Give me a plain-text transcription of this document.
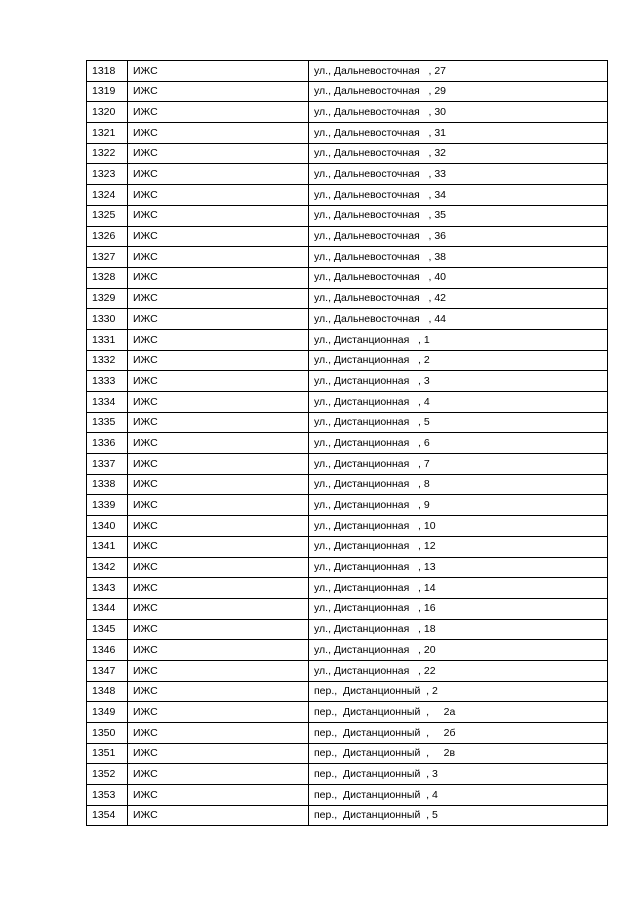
1318	ИЖС	ул., Дальневосточная   , 27
1319	ИЖС	ул., Дальневосточная   , 29
1320	ИЖС	ул., Дальневосточная   , 30
1321	ИЖС	ул., Дальневосточная   , 31
1322	ИЖС	ул., Дальневосточная   , 32
1323	ИЖС	ул., Дальневосточная   , 33
1324	ИЖС	ул., Дальневосточная   , 34
1325	ИЖС	ул., Дальневосточная   , 35
1326	ИЖС	ул., Дальневосточная   , 36
1327	ИЖС	ул., Дальневосточная   , 38
1328	ИЖС	ул., Дальневосточная   , 40
1329	ИЖС	ул., Дальневосточная   , 42
1330	ИЖС	ул., Дальневосточная   , 44
1331	ИЖС	ул., Дистанционная   , 1
1332	ИЖС	ул., Дистанционная   , 2
1333	ИЖС	ул., Дистанционная   , 3
1334	ИЖС	ул., Дистанционная   , 4
1335	ИЖС	ул., Дистанционная   , 5
1336	ИЖС	ул., Дистанционная   , 6
1337	ИЖС	ул., Дистанционная   , 7
1338	ИЖС	ул., Дистанционная   , 8
1339	ИЖС	ул., Дистанционная   , 9
1340	ИЖС	ул., Дистанционная   , 10
1341	ИЖС	ул., Дистанционная   , 12
1342	ИЖС	ул., Дистанционная   , 13
1343	ИЖС	ул., Дистанционная   , 14
1344	ИЖС	ул., Дистанционная   , 16
1345	ИЖС	ул., Дистанционная   , 18
1346	ИЖС	ул., Дистанционная   , 20
1347	ИЖС	ул., Дистанционная   , 22
1348	ИЖС	пер.,  Дистанционный  , 2
1349	ИЖС	пер.,  Дистанционный  ,     2а
1350	ИЖС	пер.,  Дистанционный  ,     2б
1351	ИЖС	пер.,  Дистанционный  ,     2в
1352	ИЖС	пер.,  Дистанционный  , 3
1353	ИЖС	пер.,  Дистанционный  , 4
1354	ИЖС	пер.,  Дистанционный  , 5
